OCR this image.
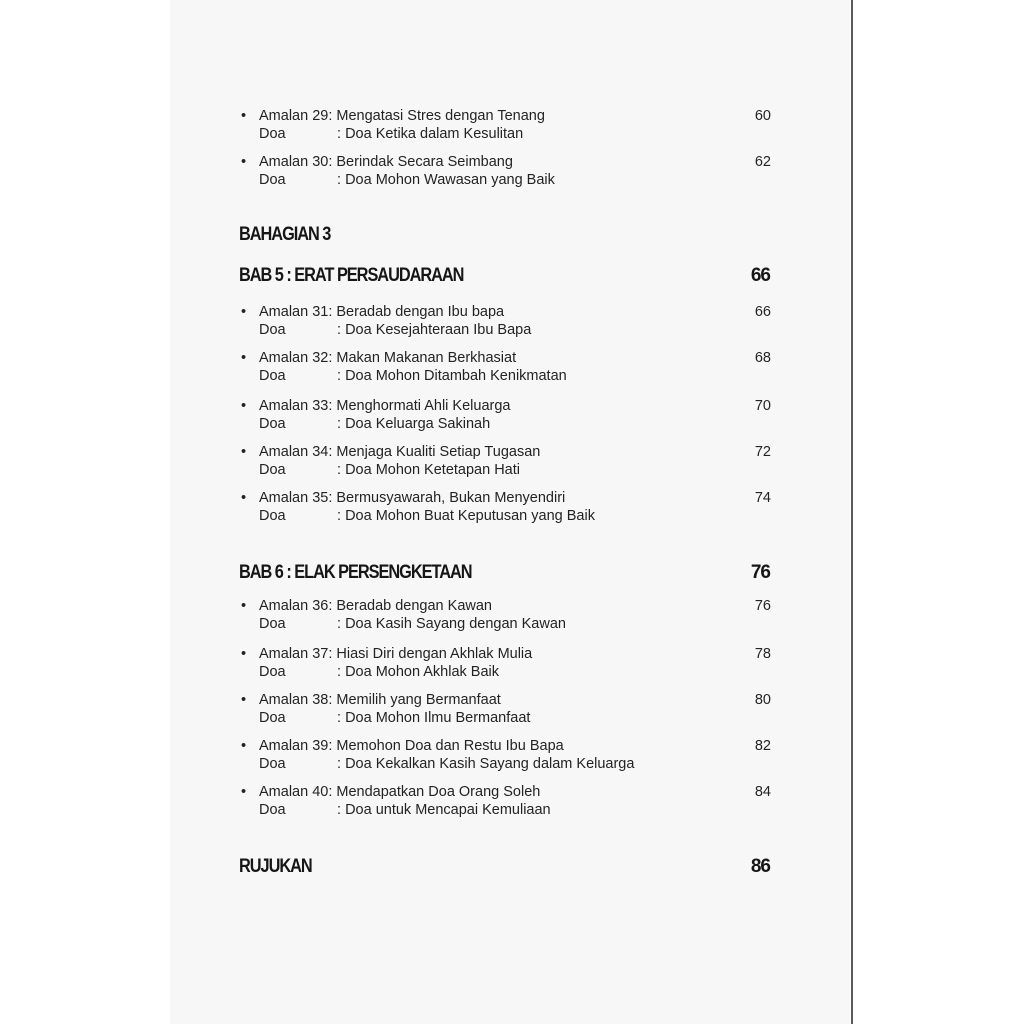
• Amalan 29: Mengatasi Stres dengan Tenang	60
Doa	: Doa Ketika dalam Kesulitan
• Amalan 30: Berindak Secara Seimbang	62
Doa	: Doa Mohon Wawasan yang Baik
BAHAGIAN 3
BAB 5 : ERAT PERSAUDARAAN	66
• Amalan 31: Beradab dengan Ibu bapa	66
Doa	: Doa Kesejahteraan Ibu Bapa
• Amalan 32: Makan Makanan Berkhasiat	68
Doa	: Doa Mohon Ditambah Kenikmatan
• Amalan 33: Menghormati Ahli Keluarga	70
Doa	: Doa Keluarga Sakinah
• Amalan 34: Menjaga Kualiti Setiap Tugasan	72
Doa	: Doa Mohon Ketetapan Hati
• Amalan 35: Bermusyawarah, Bukan Menyendiri	74
Doa	: Doa Mohon Buat Keputusan yang Baik
BAB 6 : ELAK PERSENGKETAAN	76
• Amalan 36: Beradab dengan Kawan	76
Doa	: Doa Kasih Sayang dengan Kawan
• Amalan 37: Hiasi Diri dengan Akhlak Mulia	78
Doa	: Doa Mohon Akhlak Baik
• Amalan 38: Memilih yang Bermanfaat	80
Doa	: Doa Mohon Ilmu Bermanfaat
• Amalan 39: Memohon Doa dan Restu Ibu Bapa	82
Doa	: Doa Kekalkan Kasih Sayang dalam Keluarga
• Amalan 40: Mendapatkan Doa Orang Soleh	84
Doa	: Doa untuk Mencapai Kemuliaan
RUJUKAN	86
